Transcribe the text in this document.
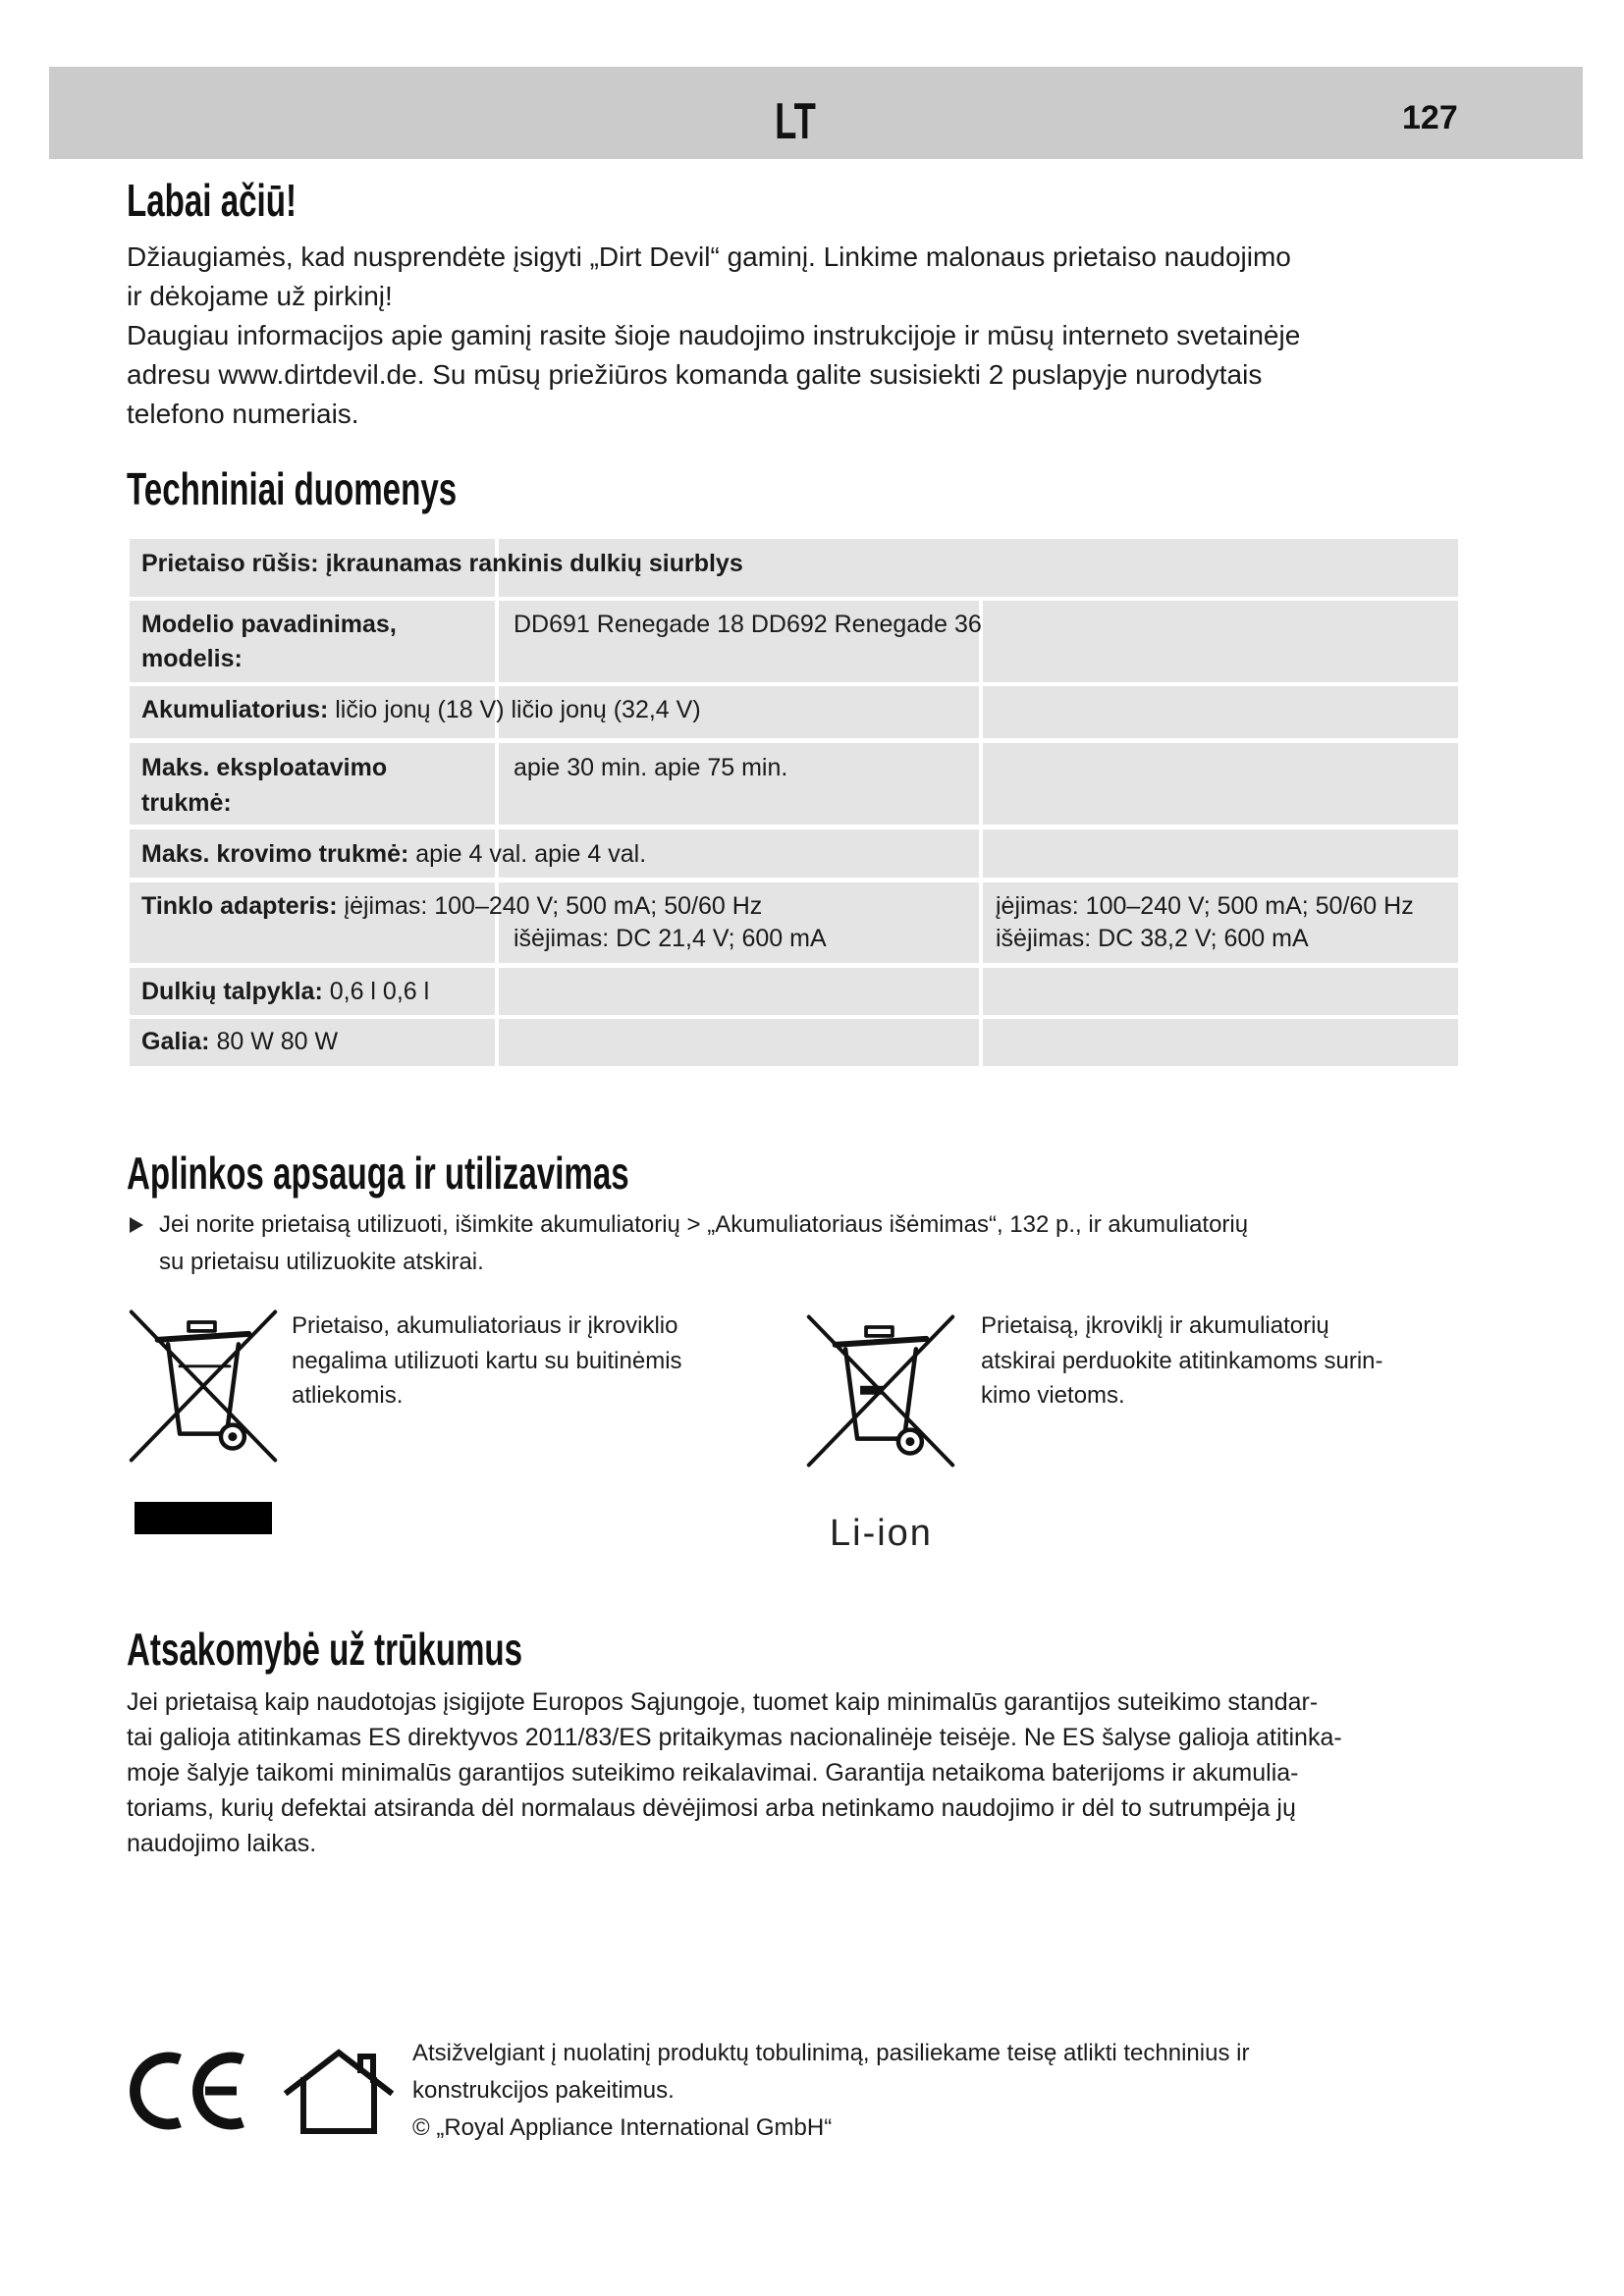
LT	127
Labai ačiū!
Džiaugiamės, kad nusprendėte įsigyti „Dirt Devil“ gaminį. Linkime malonaus prietaiso naudojimo
ir dėkojame už pirkinį!
Daugiau informacijos apie gaminį rasite šioje naudojimo instrukcijoje ir mūsų interneto svetainėje
adresu www.dirtdevil.de. Su mūsų priežiūros komanda galite susisiekti 2 puslapyje nurodytais
telefono numeriais.
Techniniai duomenys
Prietaiso rūšis: įkraunamas rankinis dulkių siurblys
Modelio pavadinimas,
modelis:
DD691 Renegade 18 DD692 Renegade 36
Akumuliatorius: ličio jonų (18 V) ličio jonų (32,4 V)
Maks. eksploatavimo
trukmė:
apie 30 min. apie 75 min.
Maks. krovimo trukmė: apie 4 val. apie 4 val.
Tinklo adapteris: įėjimas: 100–240 V; 500 mA; 50/60 Hz
išėjimas: DC 21,4 V; 600 mA
įėjimas: 100–240 V; 500 mA; 50/60 Hz
išėjimas: DC 38,2 V; 600 mA
Dulkių talpykla: 0,6 l 0,6 l
Galia: 80 W 80 W
Aplinkos apsauga ir utilizavimas
Jei norite prietaisą utilizuoti, išimkite akumuliatorių > „Akumuliatoriaus išėmimas“, 132 p., ir akumuliatorių
su prietaisu utilizuokite atskirai.
Prietaiso, akumuliatoriaus ir įkroviklio
negalima utilizuoti kartu su buitinėmis
atliekomis.
Prietaisą, įkroviklį ir akumuliatorių
atskirai perduokite atitinkamoms surin-
kimo vietoms.
Li-ion
Atsakomybė už trūkumus
Jei prietaisą kaip naudotojas įsigijote Europos Sąjungoje, tuomet kaip minimalūs garantijos suteikimo standar-
tai galioja atitinkamas ES direktyvos 2011/83/ES pritaikymas nacionalinėje teisėje. Ne ES šalyse galioja atitinka-
moje šalyje taikomi minimalūs garantijos suteikimo reikalavimai. Garantija netaikoma baterijoms ir akumulia-
toriams, kurių defektai atsiranda dėl normalaus dėvėjimosi arba netinkamo naudojimo ir dėl to sutrumpėja jų
naudojimo laikas.
Atsižvelgiant į nuolatinį produktų tobulinimą, pasiliekame teisę atlikti techninius ir
konstrukcijos pakeitimus.
© „Royal Appliance International GmbH“
